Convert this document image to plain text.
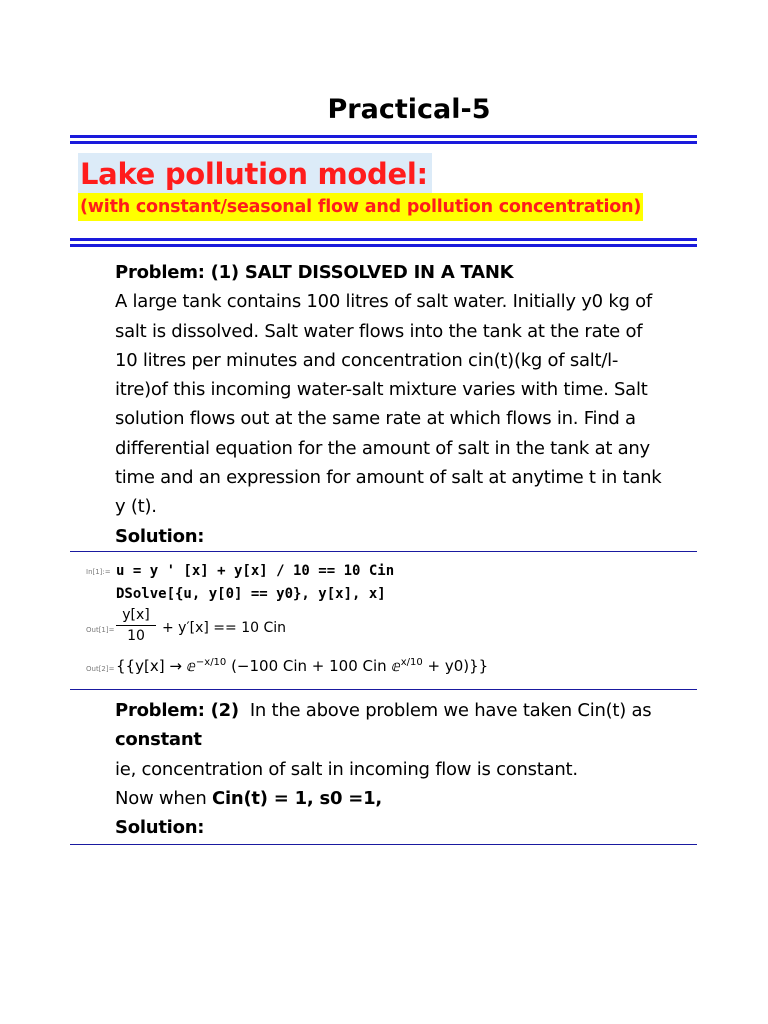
Practical-5
Lake pollution model:
(with constant/seasonal flow and pollution concentration)
Problem: (1) SALT DISSOLVED IN A TANK
A large tank contains 100 litres of salt water. Initially y0 kg of
salt is dissolved. Salt water flows into the tank at the rate of
10 litres per minutes and concentration cin(t)(kg of salt/l-
itre)of this incoming water-salt mixture varies with time. Salt
solution flows out at the same rate at which flows in. Find a
differential equation for the amount of salt in the tank at any
time and an expression for amount of salt at anytime t in tank
y (t).
Solution:
In[1]:= u = y ' [x] + y[x] / 10 == 10 Cin
DSolve[{u, y[0] == y0}, y[x], x]
$Out[1]= \frac{y[x]}{10} + y'[x] == 10$ Cin
Out[2]= {{y[x] → ⅇ$^{-x/10}$ (−100 Cin + 100 Cin ⅇ$^{x/10}$ + y0)}}
Problem: (2) In the above problem we have taken Cin(t) as
constant
ie, concentration of salt in incoming flow is constant.
Now when Cin(t) = 1, s0 =1,
Solution:
